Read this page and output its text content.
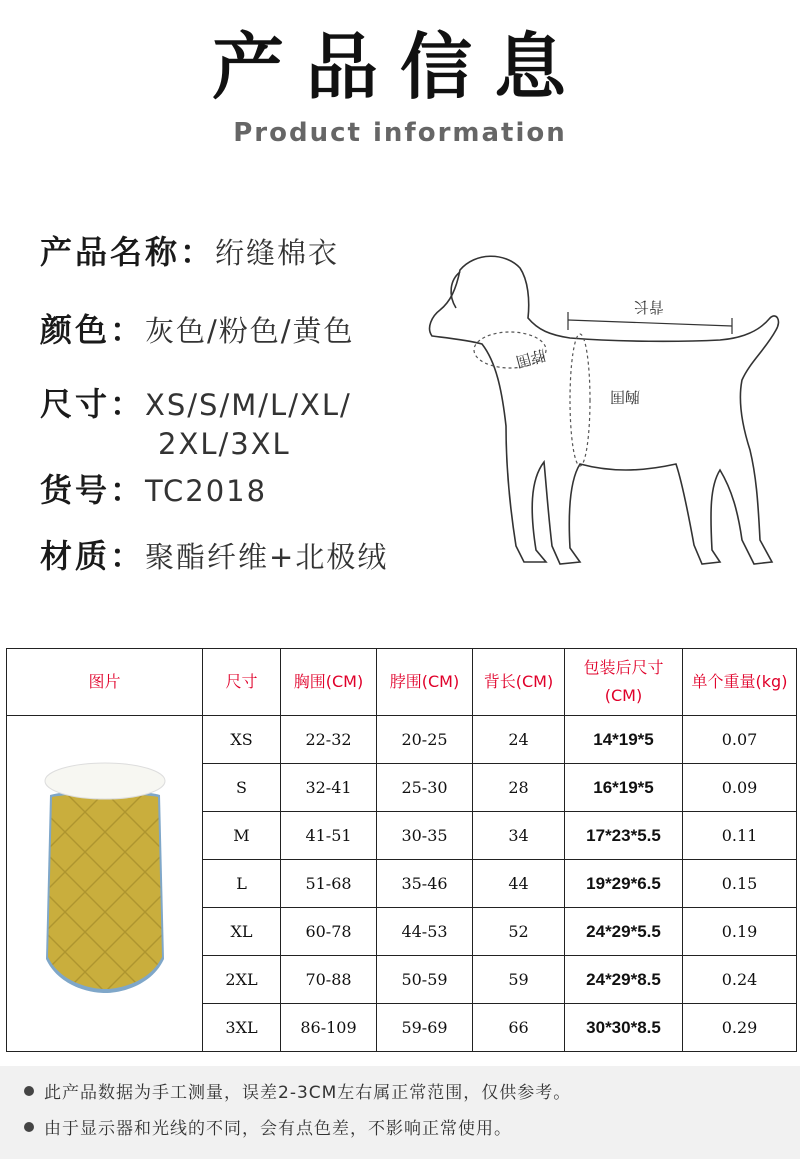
产品信息
Product information
产品名称：绗缝棉衣
颜色：灰色/粉色/黄色
尺寸：XS/S/M/L/XL/
2XL/3XL
货号：TC2018
材质：聚酯纤维+北极绒
背长
脖围
胸围
图片	尺寸	胸围(CM)	脖围(CM)	背长(CM)	包装后尺寸
(CM)	单个重量(kg)
	XS	22-32	20-25	24	14*19*5	0.07
	S	32-41	25-30	28	16*19*5	0.09
	M	41-51	30-35	34	17*23*5.5	0.11
	L	51-68	35-46	44	19*29*6.5	0.15
	XL	60-78	44-53	52	24*29*5.5	0.19
	2XL	70-88	50-59	59	24*29*8.5	0.24
	3XL	86-109	59-69	66	30*30*8.5	0.29
此产品数据为手工测量，误差2-3CM左右属正常范围，仅供参考。
由于显示器和光线的不同，会有点色差，不影响正常使用。
